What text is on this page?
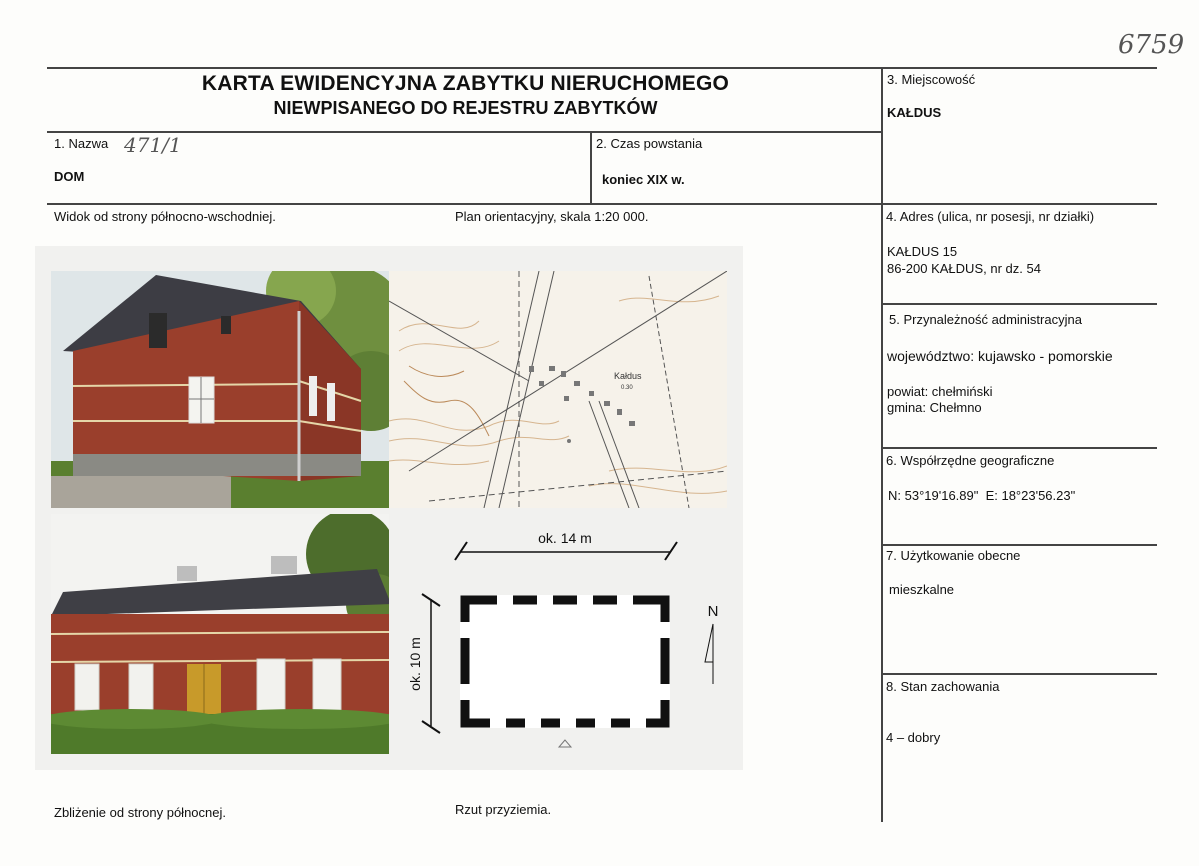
6759
KARTA EWIDENCYJNA ZABYTKU NIERUCHOMEGO
NIEWPISANEGO DO REJESTRU ZABYTKÓW
1. Nazwa 471/1
DOM
2. Czas powstania
koniec XIX w.
3. Miejscowość
KAŁDUS
4. Adres (ulica, nr posesji, nr działki)
KAŁDUS 15
86-200 KAŁDUS, nr dz. 54
5. Przynależność administracyjna
województwo: kujawsko - pomorskie
powiat: chełmiński
gmina: Chełmno
6. Współrzędne geograficzne
N: 53°19'16.89"  E: 18°23'56.23"
7. Użytkowanie obecne
mieszkalne
8. Stan zachowania
4 – dobry
Widok od strony północno-wschodniej.	Plan orientacyjny, skala 1:20 000.
Zbliżenie od strony północnej.	Rzut przyziemia.
Kałdus
0.30
ok. 14 m
ok. 10 m
N
